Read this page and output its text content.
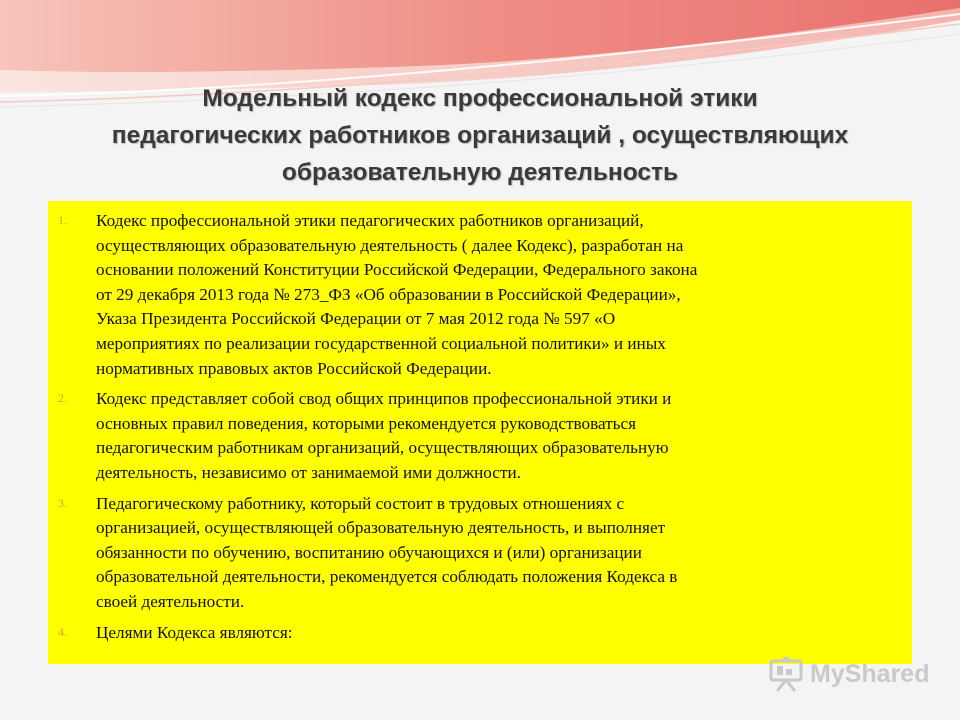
Модельный кодекс профессиональной этики
педагогических работников организаций , осуществляющих
образовательную деятельность
1.	Кодекс профессиональной этики педагогических работников организаций,
осуществляющих образовательную деятельность ( далее Кодекс), разработан на
основании положений Конституции Российской Федерации, Федерального закона
от 29 декабря 2013 года № 273_ФЗ «Об образовании в Российской Федерации»,
Указа Президента Российской Федерации от 7 мая 2012 года № 597 «О
мероприятиях по реализации государственной социальной политики» и иных
нормативных правовых актов Российской Федерации.
2.	Кодекс представляет собой свод общих принципов профессиональной этики и
основных правил поведения, которыми рекомендуется руководствоваться
педагогическим работникам организаций, осуществляющих образовательную
деятельность, независимо от занимаемой ими должности.
3.	Педагогическому работнику, который состоит в трудовых отношениях с
организацией, осуществляющей образовательную деятельность, и выполняет
обязанности по обучению, воспитанию обучающихся и (или) организации
образовательной деятельности, рекомендуется соблюдать положения Кодекса в
своей деятельности.
4.	Целями Кодекса являются:
MyShared
